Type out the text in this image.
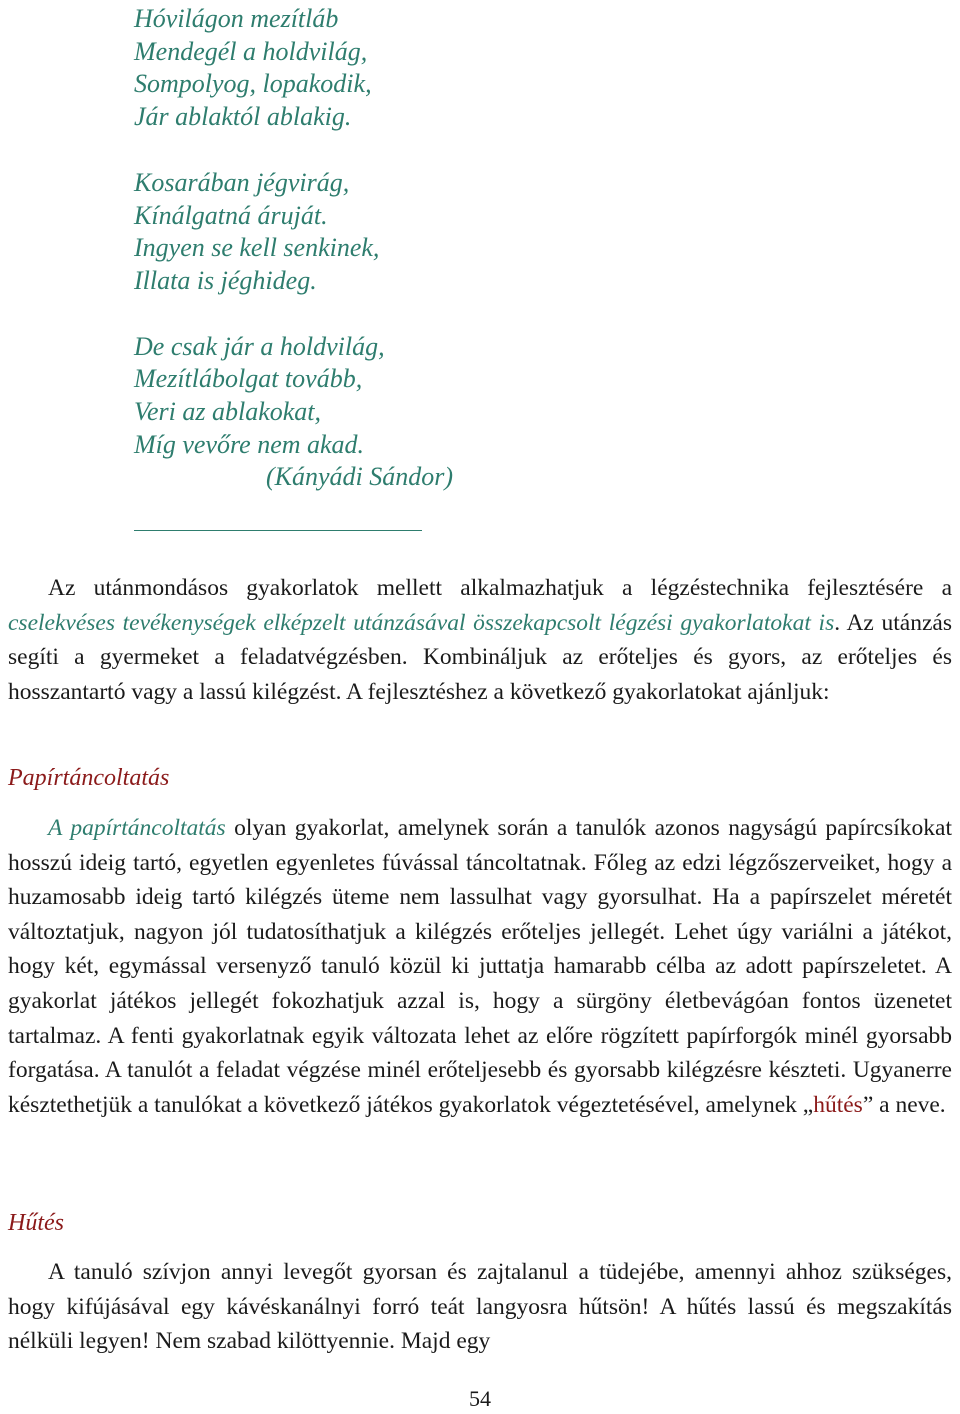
Hóvilágon mezítláb
Mendegél a holdvilág,
Sompolyog, lopakodik,
Jár ablaktól ablakig.
Kosarában jégvirág,
Kínálgatná áruját.
Ingyen se kell senkinek,
Illata is jéghideg.
De csak jár a holdvilág,
Mezítlábolgat tovább,
Veri az ablakokat,
Míg vevőre nem akad.
(Kányádi Sándor)

Az utánmondásos gyakorlatok mellett alkalmazhatjuk a légzéstechnika fejlesztésére a cselekvéses tevékenységek elképzelt utánzásával összekapcsolt légzési gyakorlatokat is. Az utánzás segíti a gyermeket a feladatvégzésben. Kombináljuk az erőteljes és gyors, az erőteljes és hosszantartó vagy a lassú kilégzést. A fejlesztéshez a következő gyakorlatokat ajánljuk:

Papírtáncoltatás

A papírtáncoltatás olyan gyakorlat, amelynek során a tanulók azonos nagyságú papírcsíkokat hosszú ideig tartó, egyetlen egyenletes fúvással táncoltatnak. Főleg az edzi légzőszerveiket, hogy a huzamosabb ideig tartó kilégzés üteme nem lassulhat vagy gyorsulhat. Ha a papírszelet méretét változtatjuk, nagyon jól tudatosíthatjuk a kilégzés erőteljes jellegét. Lehet úgy variálni a játékot, hogy két, egymással versenyző tanuló közül ki juttatja hamarabb célba az adott papírszeletet. A gyakorlat játékos jellegét fokozhatjuk azzal is, hogy a sürgöny életbevágóan fontos üzenetet tartalmaz. A fenti gyakorlatnak egyik változata lehet az előre rögzített papírforgók minél gyorsabb forgatása. A tanulót a feladat végzése minél erőteljesebb és gyorsabb kilégzésre készteti. Ugyanerre késztethetjük a tanulókat a következő játékos gyakorlatok végeztetésével, amelynek „hűtés” a neve.

Hűtés

A tanuló szívjon annyi levegőt gyorsan és zajtalanul a tüdejébe, amennyi ahhoz szükséges, hogy kifújásával egy kávéskanálnyi forró teát langyosra hűtsön! A hűtés lassú és megszakítás nélküli legyen! Nem szabad kilöttyennie. Majd egy

54
